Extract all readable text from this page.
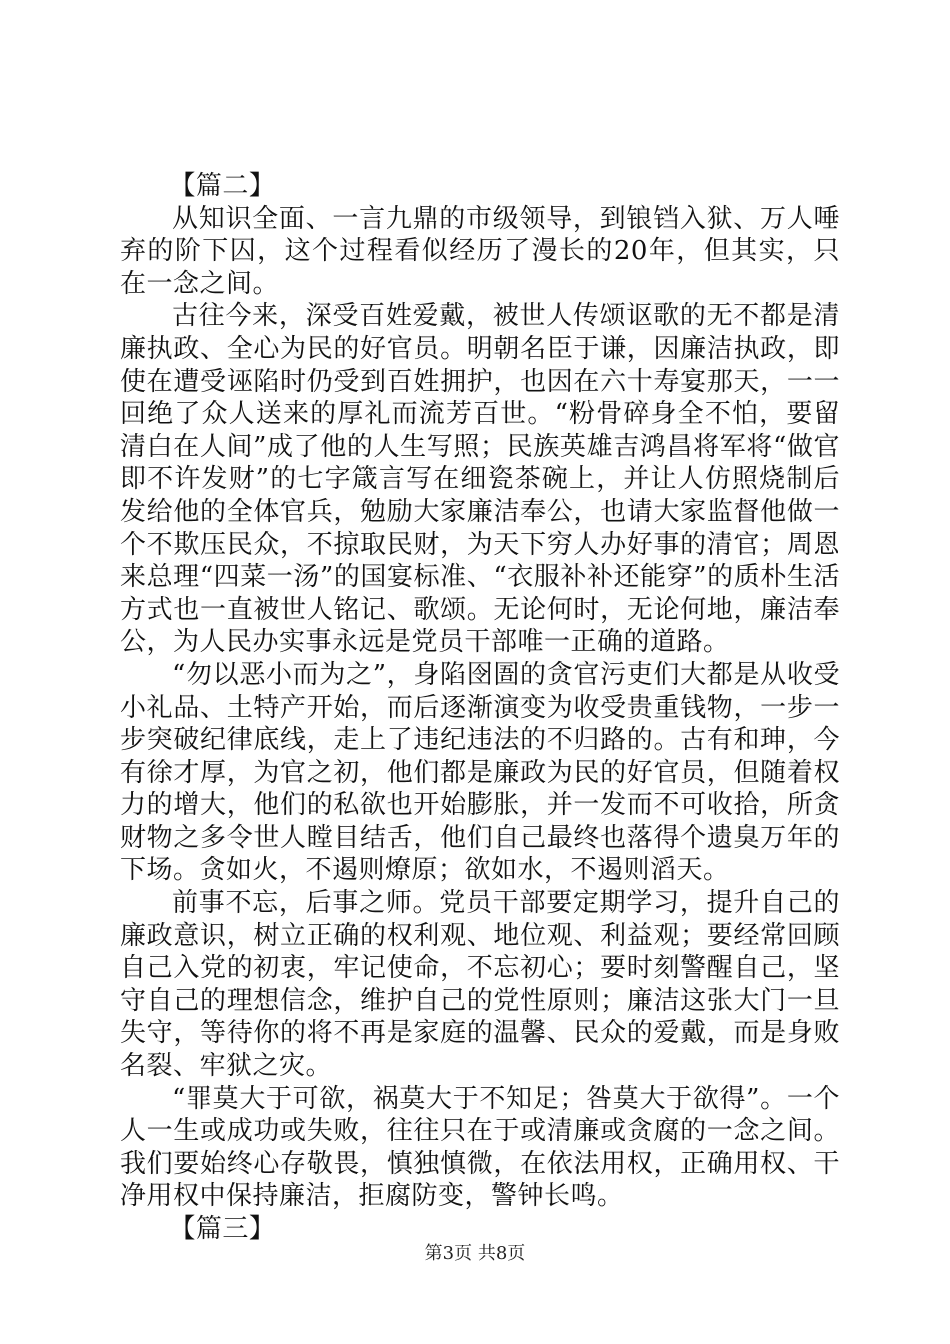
【篇二】

从知识全面、一言九鼎的市级领导，到锒铛入狱、万人唾弃的阶下囚，这个过程看似经历了漫长的20年，但其实，只在一念之间。

古往今来，深受百姓爱戴，被世人传颂讴歌的无不都是清廉执政、全心为民的好官员。明朝名臣于谦，因廉洁执政，即使在遭受诬陷时仍受到百姓拥护，也因在六十寿宴那天，一一回绝了众人送来的厚礼而流芳百世。“粉骨碎身全不怕，要留清白在人间”成了他的人生写照；民族英雄吉鸿昌将军将“做官即不许发财”的七字箴言写在细瓷茶碗上，并让人仿照烧制后发给他的全体官兵，勉励大家廉洁奉公，也请大家监督他做一个不欺压民众，不掠取民财，为天下穷人办好事的清官；周恩来总理“四菜一汤”的国宴标准、“衣服补补还能穿”的质朴生活方式也一直被世人铭记、歌颂。无论何时，无论何地，廉洁奉公，为人民办实事永远是党员干部唯一正确的道路。

“勿以恶小而为之”，身陷囹圄的贪官污吏们大都是从收受小礼品、土特产开始，而后逐渐演变为收受贵重钱物，一步一步突破纪律底线，走上了违纪违法的不归路的。古有和珅，今有徐才厚，为官之初，他们都是廉政为民的好官员，但随着权力的增大，他们的私欲也开始膨胀，并一发而不可收拾，所贪财物之多令世人瞠目结舌，他们自己最终也落得个遗臭万年的下场。贪如火，不遏则燎原；欲如水，不遏则滔天。

前事不忘，后事之师。党员干部要定期学习，提升自己的廉政意识，树立正确的权利观、地位观、利益观；要经常回顾自己入党的初衷，牢记使命，不忘初心；要时刻警醒自己，坚守自己的理想信念，维护自己的党性原则；廉洁这张大门一旦失守，等待你的将不再是家庭的温馨、民众的爱戴，而是身败名裂、牢狱之灾。

“罪莫大于可欲，祸莫大于不知足；咎莫大于欲得”。一个人一生或成功或失败，往往只在于或清廉或贪腐的一念之间。我们要始终心存敬畏，慎独慎微，在依法用权，正确用权、干净用权中保持廉洁，拒腐防变，警钟长鸣。

【篇三】

第3页 共8页
